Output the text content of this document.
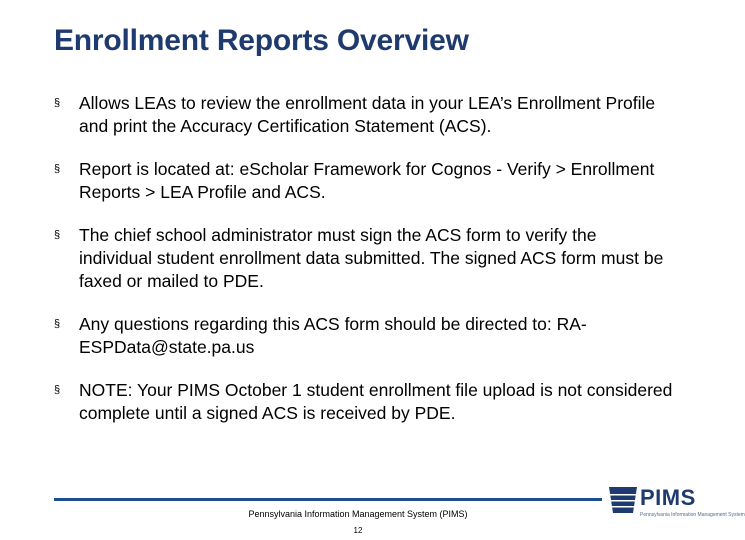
Enrollment Reports Overview
§ Allows LEAs to review the enrollment data in your LEA’s Enrollment Profile and print the Accuracy Certification Statement (ACS).
§ Report is located at: eScholar Framework for Cognos - Verify > Enrollment Reports > LEA Profile and ACS.
§ The chief school administrator must sign the ACS form to verify the individual student enrollment data submitted. The signed ACS form must be faxed or mailed to PDE.
§ Any questions regarding this ACS form should be directed to: RA-ESPData@state.pa.us
§ NOTE: Your PIMS October 1 student enrollment file upload is not considered complete until a signed ACS is received by PDE.
Pennsylvania Information Management System (PIMS)
12
PIMS
Pennsylvania Information Management System
